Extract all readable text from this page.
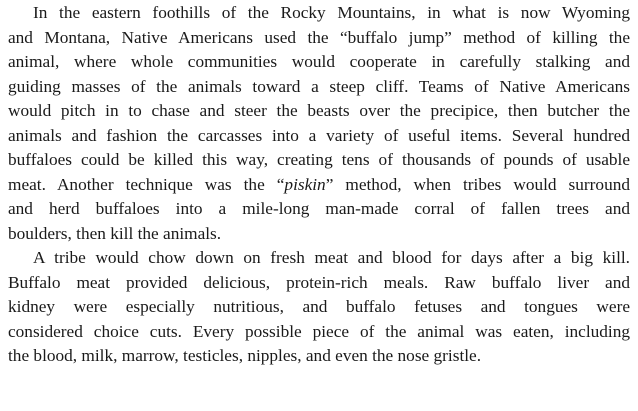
In the eastern foothills of the Rocky Mountains, in what is now Wyoming
and Montana, Native Americans used the “buffalo jump” method of killing the
animal, where whole communities would cooperate in carefully stalking and
guiding masses of the animals toward a steep cliff. Teams of Native Americans
would pitch in to chase and steer the beasts over the precipice, then butcher the
animals and fashion the carcasses into a variety of useful items. Several hundred
buffaloes could be killed this way, creating tens of thousands of pounds of usable
meat. Another technique was the “piskin” method, when tribes would surround
and herd buffaloes into a mile-long man-made corral of fallen trees and
boulders, then kill the animals.
A tribe would chow down on fresh meat and blood for days after a big kill.
Buffalo meat provided delicious, protein-rich meals. Raw buffalo liver and
kidney were especially nutritious, and buffalo fetuses and tongues were
considered choice cuts. Every possible piece of the animal was eaten, including
the blood, milk, marrow, testicles, nipples, and even the nose gristle.
